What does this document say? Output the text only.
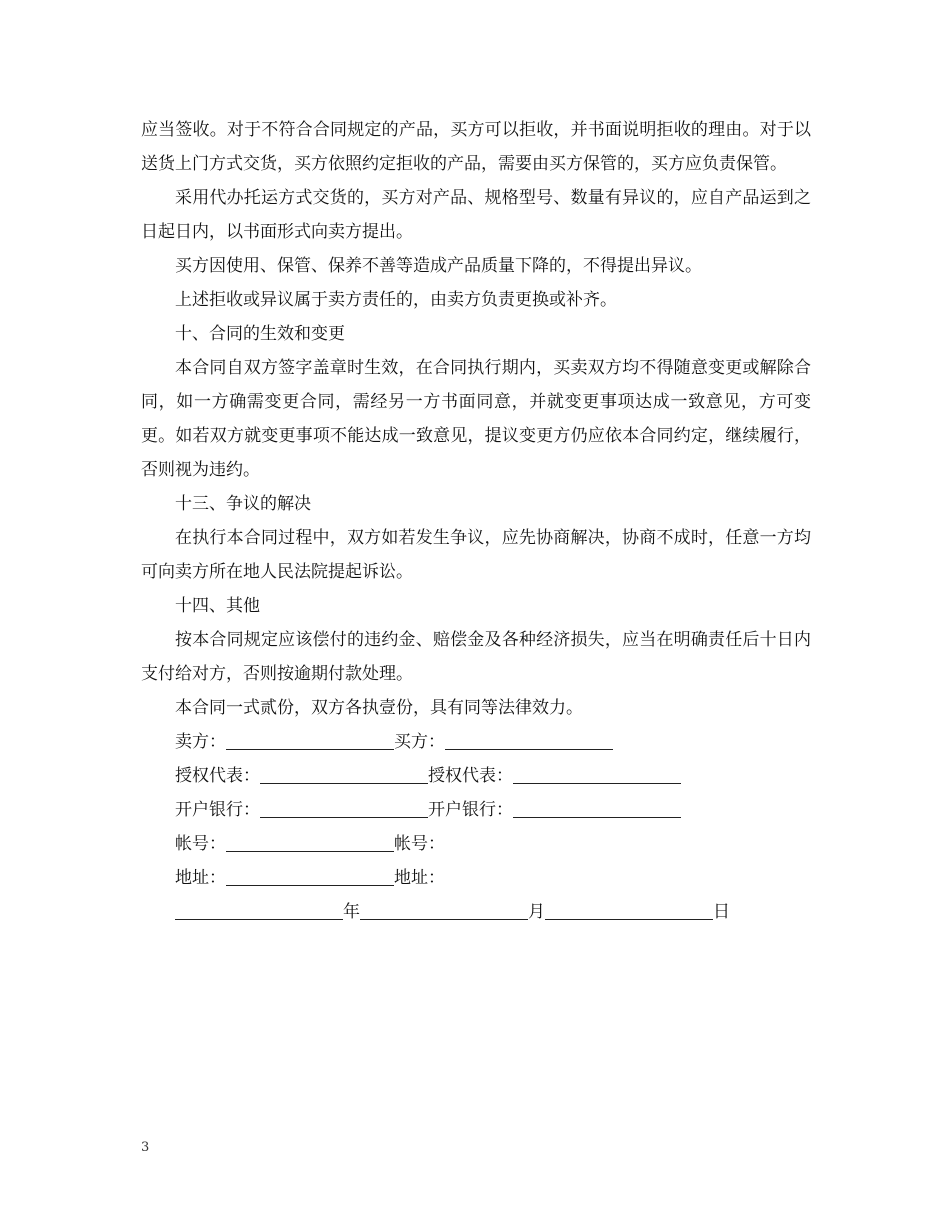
应当签收。对于不符合合同规定的产品，买方可以拒收，并书面说明拒收的理由。对于以送货上门方式交货，买方依照约定拒收的产品，需要由买方保管的，买方应负责保管。

采用代办托运方式交货的，买方对产品、规格型号、数量有异议的，应自产品运到之日起日内，以书面形式向卖方提出。

买方因使用、保管、保养不善等造成产品质量下降的，不得提出异议。

上述拒收或异议属于卖方责任的，由卖方负责更换或补齐。

十、合同的生效和变更

本合同自双方签字盖章时生效，在合同执行期内，买卖双方均不得随意变更或解除合同，如一方确需变更合同，需经另一方书面同意，并就变更事项达成一致意见，方可变更。如若双方就变更事项不能达成一致意见，提议变更方仍应依本合同约定，继续履行，否则视为违约。

十三、争议的解决

在执行本合同过程中，双方如若发生争议，应先协商解决，协商不成时，任意一方均可向卖方所在地人民法院提起诉讼。

十四、其他

按本合同规定应该偿付的违约金、赔偿金及各种经济损失，应当在明确责任后十日内支付给对方，否则按逾期付款处理。

本合同一式贰份，双方各执壹份，具有同等法律效力。

卖方：	买方：

授权代表：	授权代表：

开户银行：	开户银行：

帐号：	帐号：

地址：	地址：

年	月	日

3
